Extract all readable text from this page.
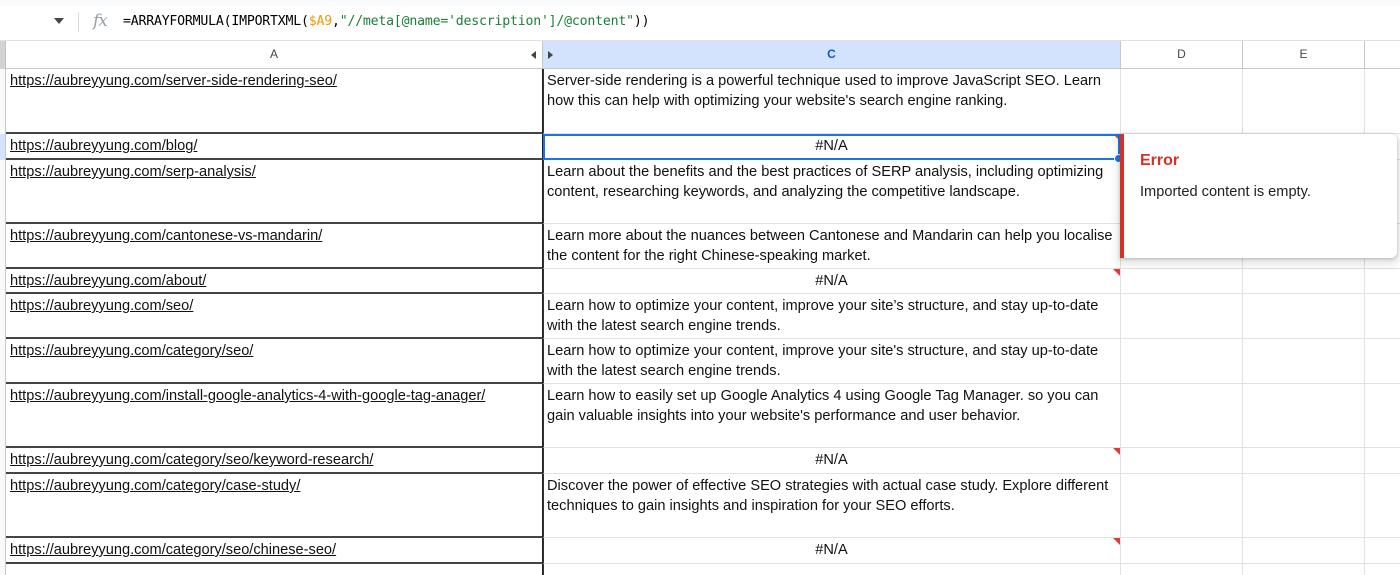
fx =ARRAYFORMULA(IMPORTXML($A9,"//meta[@name='description']/@content"))
A	C	D	E
https://aubreyyung.com/server-side-rendering-seo/	Server-side rendering is a powerful technique used to improve JavaScript SEO. Learn how this can help with optimizing your website's search engine ranking.
https://aubreyyung.com/blog/	#N/A
https://aubreyyung.com/serp-analysis/	Learn about the benefits and the best practices of SERP analysis, including optimizing content, researching keywords, and analyzing the competitive landscape.
https://aubreyyung.com/cantonese-vs-mandarin/	Learn more about the nuances between Cantonese and Mandarin can help you localise the content for the right Chinese-speaking market.
https://aubreyyung.com/about/	#N/A
https://aubreyyung.com/seo/	Learn how to optimize your content, improve your site’s structure, and stay up-to-date with the latest search engine trends.
https://aubreyyung.com/category/seo/	Learn how to optimize your content, improve your site's structure, and stay up-to-date with the latest search engine trends.
https://aubreyyung.com/install-google-analytics-4-with-google-tag-anager/	Learn how to easily set up Google Analytics 4 using Google Tag Manager. so you can gain valuable insights into your website's performance and user behavior.
https://aubreyyung.com/category/seo/keyword-research/	#N/A
https://aubreyyung.com/category/case-study/	Discover the power of effective SEO strategies with actual case study. Explore different techniques to gain insights and inspiration for your SEO efforts.
https://aubreyyung.com/category/seo/chinese-seo/	#N/A
Error
Imported content is empty.
